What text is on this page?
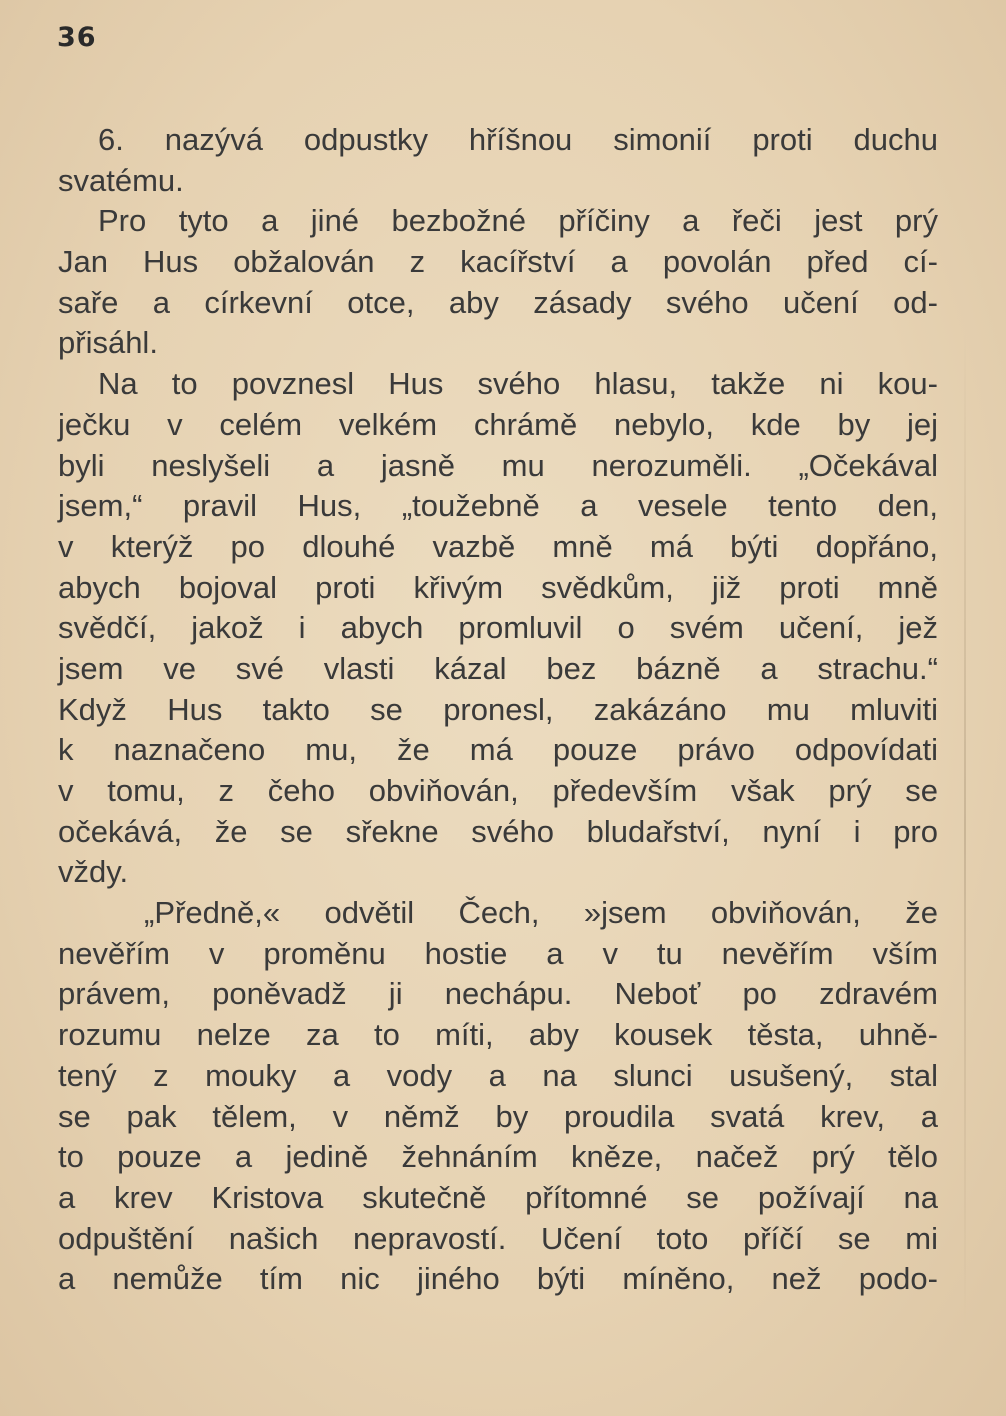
36
6. nazývá odpustky hříšnou simonií proti duchu
svatému.
Pro tyto a jiné bezbožné příčiny a řeči jest prý
Jan Hus obžalován z kacířství a povolán před cí-
saře a církevní otce, aby zásady svého učení od-
přisáhl.
Na to povznesl Hus svého hlasu, takže ni kou-
ječku v celém velkém chrámě nebylo, kde by jej
byli neslyšeli a jasně mu nerozuměli. „Očekával
jsem,“ pravil Hus, „toužebně a vesele tento den,
v kterýž po dlouhé vazbě mně má býti dopřáno,
abych bojoval proti křivým svědkům, již proti mně
svědčí, jakož i abych promluvil o svém učení, jež
jsem ve své vlasti kázal bez bázně a strachu.“
Když Hus takto se pronesl, zakázáno mu mluviti
k naznačeno mu, že má pouze právo odpovídati
v tomu, z čeho obviňován, především však prý se
očekává, že se sřekne svého bludařství, nyní i pro
vždy.
„Předně,« odvětil Čech, »jsem obviňován, že
nevěřím v proměnu hostie a v tu nevěřím vším
právem, poněvadž ji nechápu. Neboť po zdravém
rozumu nelze za to míti, aby kousek těsta, uhně-
tený z mouky a vody a na slunci usušený, stal
se pak tělem, v němž by proudila svatá krev, a
to pouze a jedině žehnáním kněze, načež prý tělo
a krev Kristova skutečně přítomné se požívají na
odpuštění našich nepravostí. Učení toto příčí se mi
a nemůže tím nic jiného býti míněno, než podo-
